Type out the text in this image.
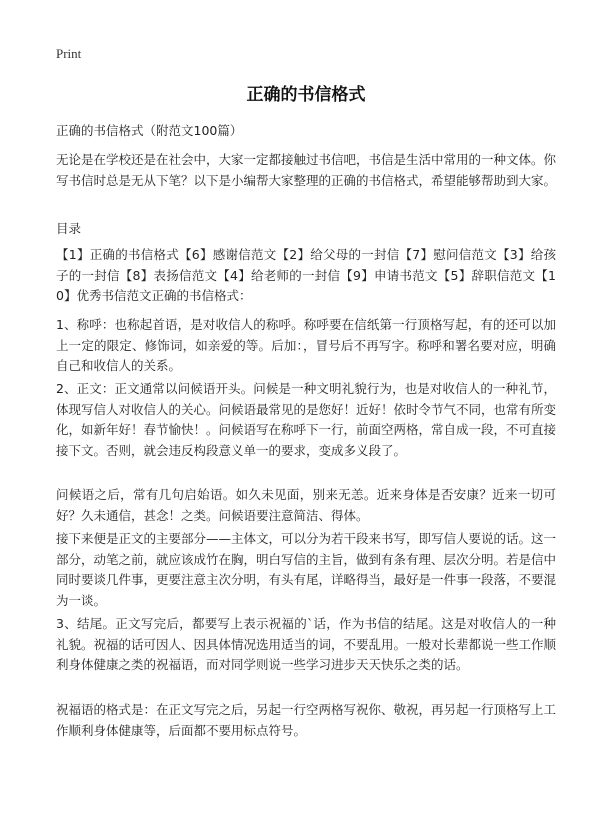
Print
正确的书信格式
正确的书信格式（附范文100篇）
无论是在学校还是在社会中，大家一定都接触过书信吧，书信是生活中常用的一种文体。你写书信时总是无从下笔？以下是小编帮大家整理的正确的书信格式，希望能够帮助到大家。
目录
【1】正确的书信格式【6】感谢信范文【2】给父母的一封信【7】慰问信范文【3】给孩子的一封信【8】表扬信范文【4】给老师的一封信【9】申请书范文【5】辞职信范文【10】优秀书信范文正确的书信格式：
1、称呼：也称起首语，是对收信人的称呼。称呼要在信纸第一行顶格写起，有的还可以加上一定的限定、修饰词，如亲爱的等。后加：，冒号后不再写字。称呼和署名要对应，明确自己和收信人的关系。
2、正文：正文通常以问候语开头。问候是一种文明礼貌行为，也是对收信人的一种礼节，体现写信人对收信人的关心。问候语最常见的是您好！近好！依时令节气不同，也常有所变化，如新年好！春节愉快！。问候语写在称呼下一行，前面空两格，常自成一段，不可直接接下文。否则，就会违反构段意义单一的要求，变成多义段了。
问候语之后，常有几句启始语。如久未见面，别来无恙。近来身体是否安康？近来一切可好？久未通信，甚念！之类。问候语要注意简洁、得体。
接下来便是正文的主要部分——主体文，可以分为若干段来书写，即写信人要说的话。这一部分，动笔之前，就应该成竹在胸，明白写信的主旨，做到有条有理、层次分明。若是信中同时要谈几件事，更要注意主次分明，有头有尾，详略得当，最好是一件事一段落，不要混为一谈。
3、结尾。正文写完后，都要写上表示祝福的`话，作为书信的结尾。这是对收信人的一种礼貌。祝福的话可因人、因具体情况选用适当的词，不要乱用。一般对长辈都说一些工作顺利身体健康之类的祝福语，而对同学则说一些学习进步天天快乐之类的话。
祝福语的格式是：在正文写完之后，另起一行空两格写祝你、敬祝，再另起一行顶格写上工作顺利身体健康等，后面都不要用标点符号。
